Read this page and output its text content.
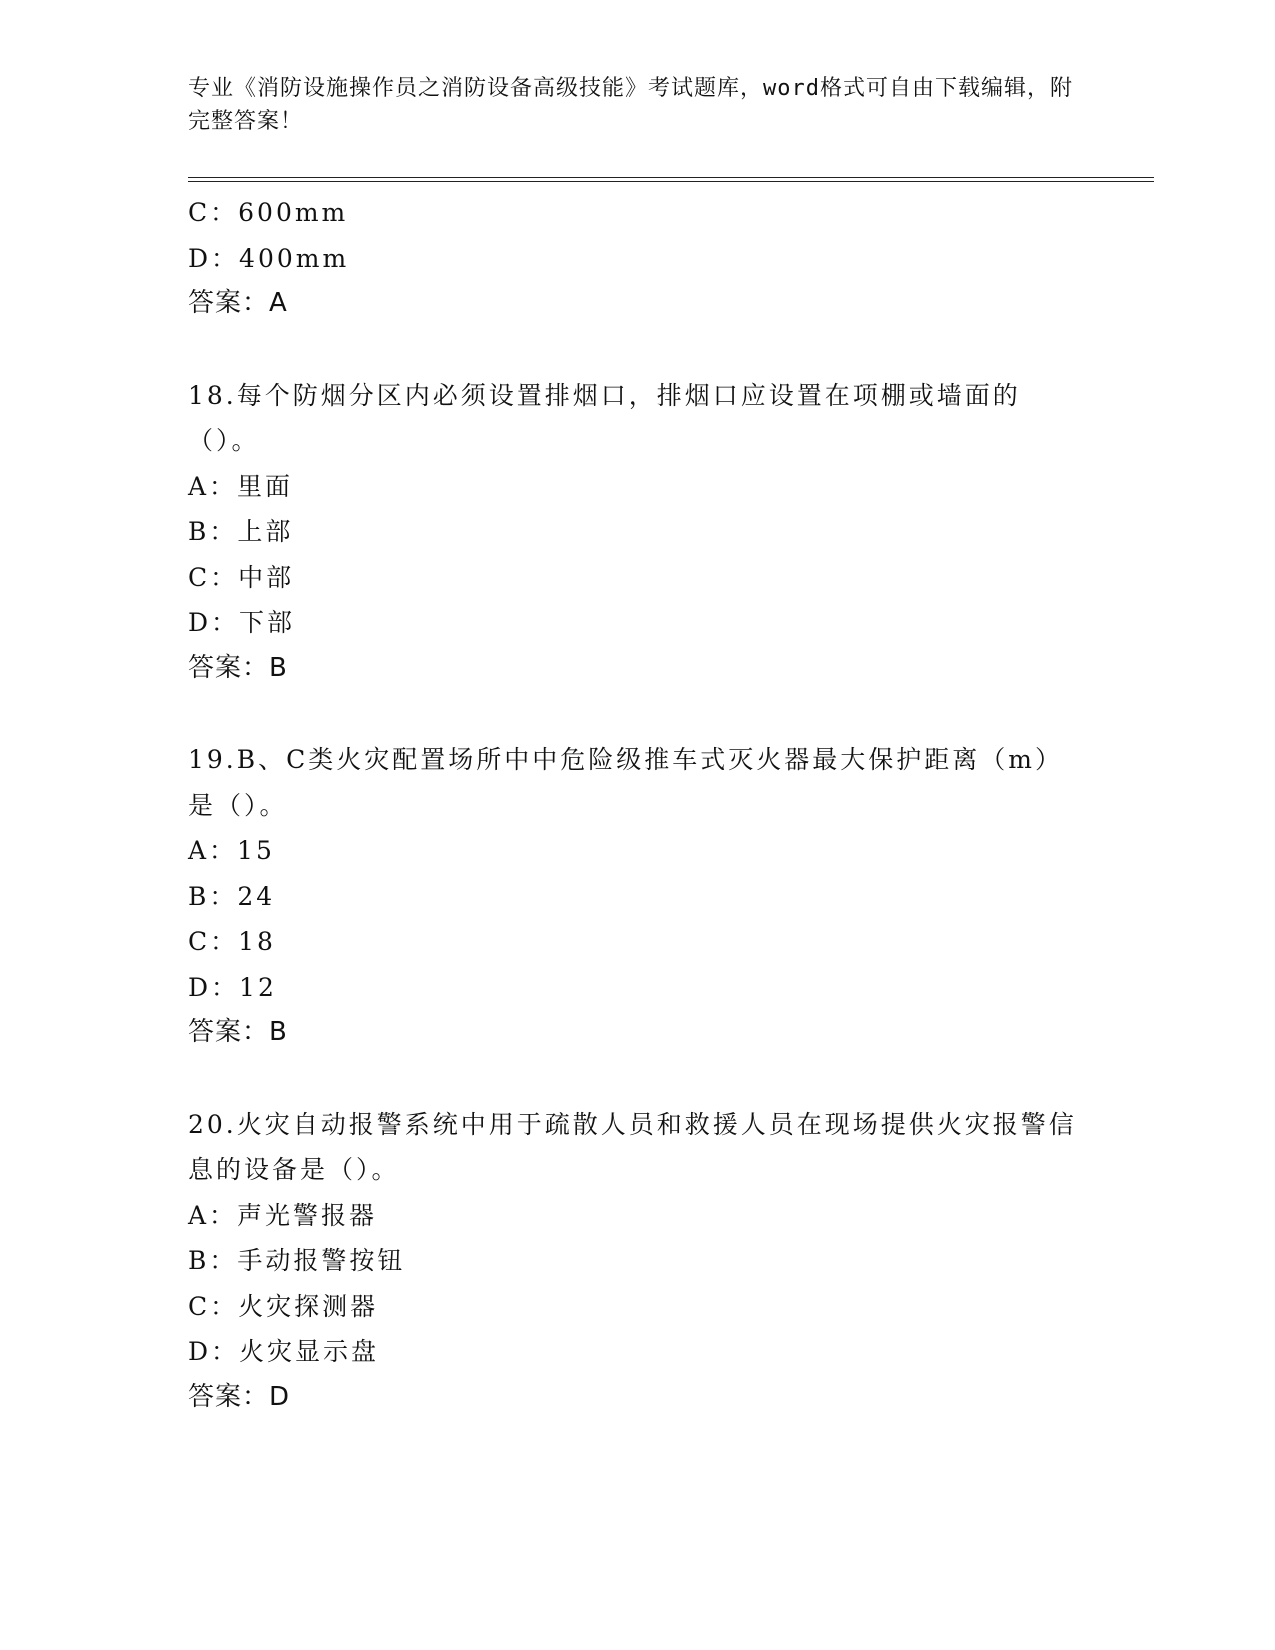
专业《消防设施操作员之消防设备高级技能》考试题库，word格式可自由下载编辑，附完整答案！
C：600mm
D：400mm
答案：A
18.每个防烟分区内必须设置排烟口，排烟口应设置在项棚或墙面的（）。
A：里面
B：上部
C：中部
D：下部
答案：B
19.B、C类火灾配置场所中中危险级推车式灭火器最大保护距离（m）是（）。
A：15
B：24
C：18
D：12
答案：B
20.火灾自动报警系统中用于疏散人员和救援人员在现场提供火灾报警信息的设备是（）。
A：声光警报器
B：手动报警按钮
C：火灾探测器
D：火灾显示盘
答案：D
